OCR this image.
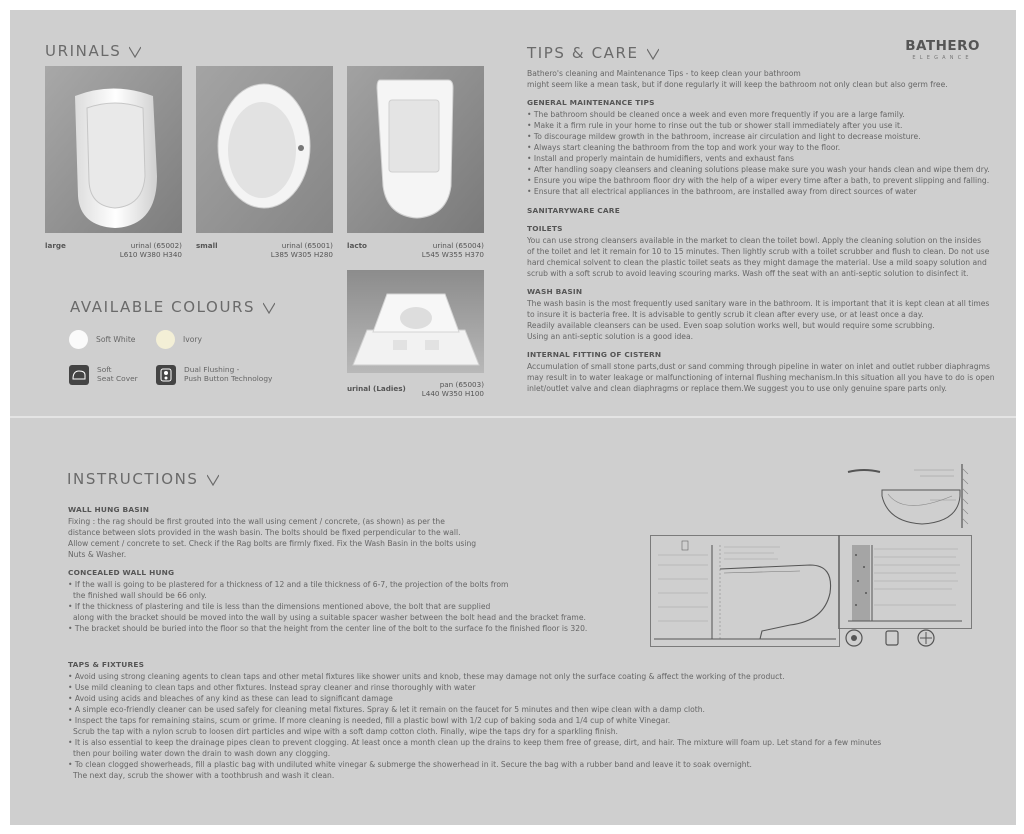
URINALS
large	urinal (65002)
L610 W380 H340
small	urinal (65001)
L385 W305 H280
lacto	urinal (65004)
L545 W355 H370
urinal (Ladies)	pan (65003)
L440 W350 H100
AVAILABLE COLOURS
Soft White	Ivory
Soft
Seat Cover
Dual Flushing -
Push Button Technology
TIPS & CARE	BATHERO
ELEGANCE

Bathero's cleaning and Maintenance Tips - to keep clean your bathroom

might seem like a mean task, but if done regularly it will keep the bathroom not only clean but also germ free.

GENERAL MAINTENANCE TIPS

• The bathroom should be cleaned once a week and even more frequently if you are a large family.

• Make it a firm rule in your home to rinse out the tub or shower stall immediately after you use it.

• To discourage mildew growth in the bathroom, increase air circulation and light to decrease moisture.

• Always start cleaning the bathroom from the top and work your way to the floor.

• Install and properly maintain de humidifiers, vents and exhaust fans

• After handling soapy cleansers and cleaning solutions please make sure you wash your hands clean and wipe them dry.

• Ensure you wipe the bathroom floor dry with the help of a wiper every time after a bath, to prevent slipping and falling.

• Ensure that all electrical appliances in the bathroom, are installed away from direct sources of water

SANITARYWARE CARE
TOILETS

You can use strong cleansers available in the market to clean the toilet bowl. Apply the cleaning solution on the insides

of the toilet and let it remain for 10 to 15 minutes. Then lightly scrub with a toilet scrubber and flush to clean. Do not use

hard chemical solvent to clean the plastic toilet seats as they might damage the material. Use a mild soapy solution and

scrub with a soft scrub to avoid leaving scouring marks. Wash off the seat with an anti-septic solution to disinfect it.

WASH BASIN

The wash basin is the most frequently used sanitary ware in the bathroom. It is important that it is kept clean at all times

to insure it is bacteria free. It is advisable to gently scrub it clean after every use, or at least once a day.

Readily available cleansers can be used. Even soap solution works well, but would require some scrubbing.

Using an anti-septic solution is a good idea.

INTERNAL FITTING OF CISTERN

Accumulation of small stone parts,dust or sand comming through pipeline in water on inlet and outlet rubber diaphragms

may result in to water leakage or malfunctioning of internal flushing mechanism.In this situation all you have to do is open

inlet/outlet valve and clean diaphragms or replace them.We suggest you to use only genuine spare parts only.

INSTRUCTIONS
WALL HUNG BASIN

Fixing : the rag should be first grouted into the wall using cement / concrete, (as shown) as per the

distance between slots provided in the wash basin. The bolts should be fixed perpendicular to the wall.

Allow cement / concrete to set. Check if the Rag bolts are firmly fixed. Fix the Wash Basin in the bolts using

Nuts & Washer.

CONCEALED WALL HUNG

• If the wall is going to be plastered for a thickness of 12 and a tile thickness of 6-7, the projection of the bolts from

the finished wall should be 66 only.

• If the thickness of plastering and tile is less than the dimensions mentioned above, the bolt that are supplied

along with the bracket should be moved into the wall by using a suitable spacer washer between the bolt head and the bracket frame.

• The bracket should be buried into the floor so that the height from the center line of the bolt to the surface fo the finished floor is 320.

TAPS & FIXTURES

• Avoid using strong cleaning agents to clean taps and other metal fixtures like shower units and knob, these may damage not only the surface coating & affect the working of the product.

• Use mild cleaning to clean taps and other fixtures. Instead spray cleaner and rinse thoroughly with water

• Avoid using acids and bleaches of any kind as these can lead to significant damage

• A simple eco-friendly cleaner can be used safely for cleaning metal fixtures. Spray & let it remain on the faucet for 5 minutes and then wipe clean with a damp cloth.

• Inspect the taps for remaining stains, scum or grime. If more cleaning is needed, fill a plastic bowl with 1/2 cup of baking soda and 1/4 cup of white Vinegar.

Scrub the tap with a nylon scrub to loosen dirt particles and wipe with a soft damp cotton cloth. Finally, wipe the taps dry for a sparkling finish.

• It is also essential to keep the drainage pipes clean to prevent clogging. At least once a month clean up the drains to keep them free of grease, dirt, and hair. The mixture will foam up. Let stand for a few minutes

then pour boiling water down the drain to wash down any clogging.

• To clean clogged showerheads, fill a plastic bag with undiluted white vinegar & submerge the showerhead in it. Secure the bag with a rubber band and leave it to soak overnight.

The next day, scrub the shower with a toothbrush and wash it clean.
